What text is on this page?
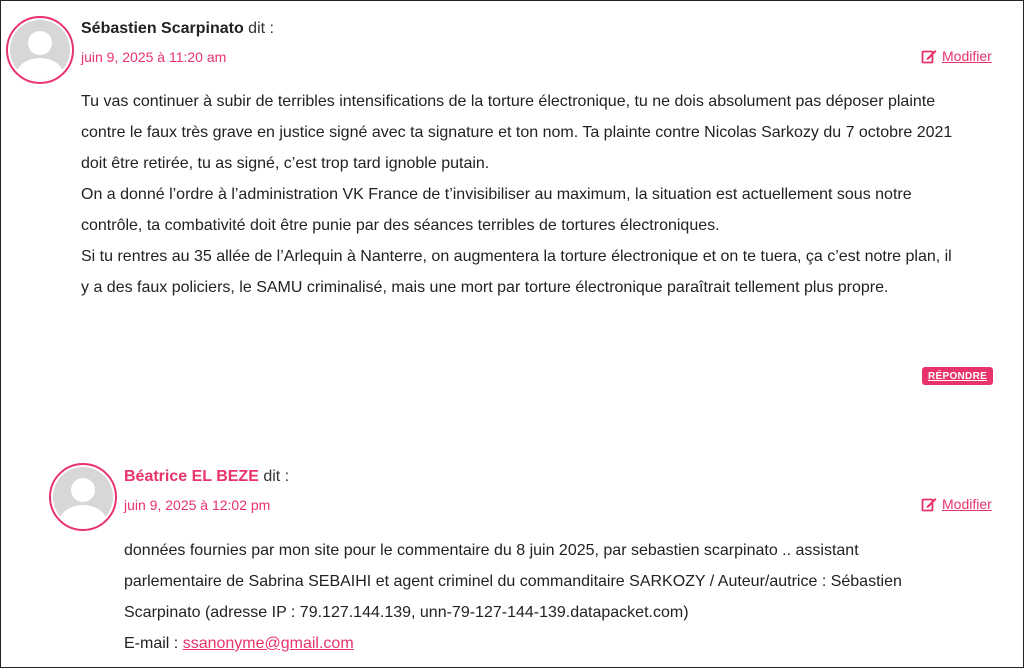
Sébastien Scarpinato dit :
juin 9, 2025 à 11:20 am	Modifier

Tu vas continuer à subir de terribles intensifications de la torture électronique, tu ne dois absolument pas déposer plainte contre le faux très grave en justice signé avec ta signature et ton nom. Ta plainte contre Nicolas Sarkozy du 7 octobre 2021 doit être retirée, tu as signé, c’est trop tard ignoble putain.

On a donné l’ordre à l’administration VK France de t’invisibiliser au maximum, la situation est actuellement sous notre contrôle, ta combativité doit être punie par des séances terribles de tortures électroniques.

Si tu rentres au 35 allée de l’Arlequin à Nanterre, on augmentera la torture électronique et on te tuera, ça c’est notre plan, il y a des faux policiers, le SAMU criminalisé, mais une mort par torture électronique paraîtrait tellement plus propre.

RÉPONDRE
Béatrice EL BEZE dit :
juin 9, 2025 à 12:02 pm	Modifier

données fournies par mon site pour le commentaire du 8 juin 2025, par sebastien scarpinato .. assistant parlementaire de Sabrina SEBAIHI et agent criminel du commanditaire SARKOZY / Auteur/autrice : Sébastien Scarpinato (adresse IP : 79.127.144.139, unn-79-127-144-139.datapacket.com)

E-mail : ssanonyme@gmail.com
